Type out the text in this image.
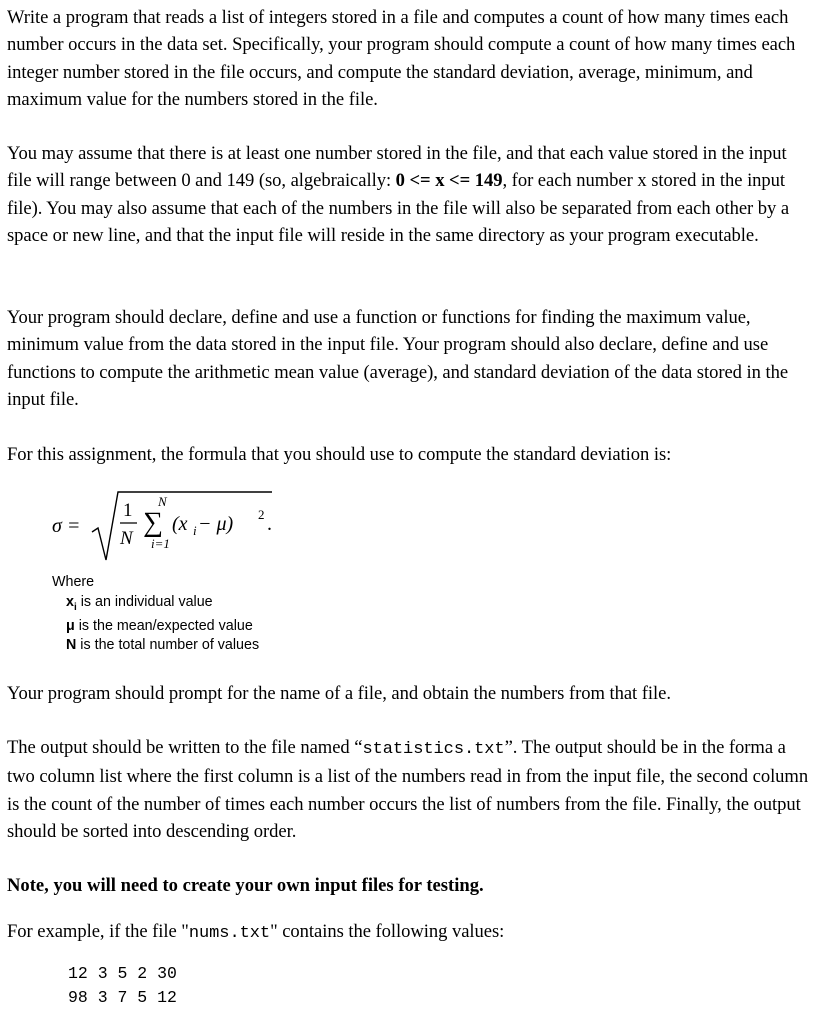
Write a program that reads a list of integers stored in a file and computes a count of how many times each number occurs in the data set. Specifically, your program should compute a count of how many times each integer number stored in the file occurs, and compute the standard deviation, average, minimum, and maximum value for the numbers stored in the file.

You may assume that there is at least one number stored in the file, and that each value stored in the input file will range between 0 and 149 (so, algebraically: 0 <= x <= 149, for each number x stored in the input file). You may also assume that each of the numbers in the file will also be separated from each other by a space or new line, and that the input file will reside in the same directory as your program executable.

Your program should declare, define and use a function or functions for finding the maximum value, minimum value from the data stored in the input file. Your program should also declare, define and use functions to compute the arithmetic mean value (average), and standard deviation of the data stored in the input file.

For this assignment, the formula that you should use to compute the standard deviation is:

σ =
1
N
N
∑
i=1
(x i − μ) 2 .
Where
$x_i$ is an individual value
μ is the mean/expected value
N is the total number of values

Your program should prompt for the name of a file, and obtain the numbers from that file.

The output should be written to the file named “statistics.txt”. The output should be in the forma a two column list where the first column is a list of the numbers read in from the input file, the second column is the count of the number of times each number occurs the list of numbers from the file. Finally, the output should be sorted into descending order.

Note, you will need to create your own input files for testing.

For example, if the file "nums.txt" contains the following values:

12 3 5 2 30
98 3 7 5 12
